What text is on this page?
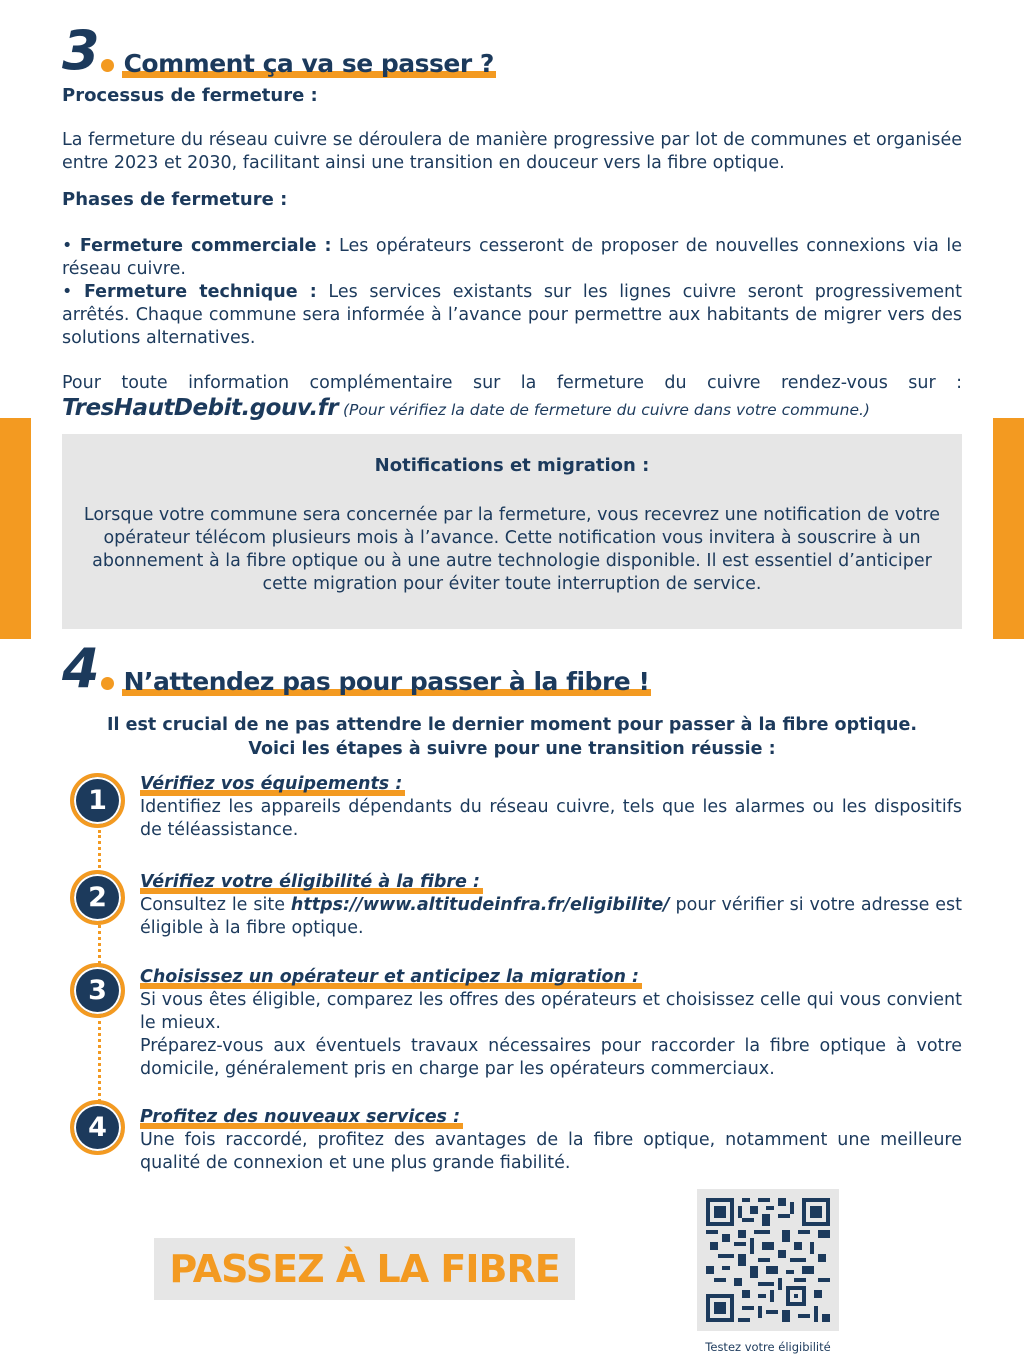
3 Comment ça va se passer ?
Processus de fermeture :

La fermeture du réseau cuivre se déroulera de manière progressive par lot de communes et organisée entre 2023 et 2030, facilitant ainsi une transition en douceur vers la fibre optique.

Phases de fermeture :

• Fermeture commerciale : Les opérateurs cesseront de proposer de nouvelles connexions via le réseau cuivre.

• Fermeture technique : Les services existants sur les lignes cuivre seront progressivement arrêtés. Chaque commune sera informée à l’avance pour permettre aux habitants de migrer vers des solutions alternatives.

Pour toute information complémentaire sur la fermeture du cuivre rendez-vous sur :

TresHautDebit.gouv.fr (Pour vérifiez la date de fermeture du cuivre dans votre commune.)
Notifications et migration :

Lorsque votre commune sera concernée par la fermeture, vous recevrez une notification de votre opérateur télécom plusieurs mois à l’avance. Cette notification vous invitera à souscrire à un abonnement à la fibre optique ou à une autre technologie disponible. Il est essentiel d’anticiper cette migration pour éviter toute interruption de service.

4 N’attendez pas pour passer à la fibre !
Il est crucial de ne pas attendre le dernier moment pour passer à la fibre optique.
Voici les étapes à suivre pour une transition réussie :
1
Vérifiez vos équipements :

Identifiez les appareils dépendants du réseau cuivre, tels que les alarmes ou les dispositifs de téléassistance.

2	Vérifiez votre éligibilité à la fibre :

Consultez le site https://www.altitudeinfra.fr/eligibilite/ pour vérifier si votre adresse est éligible à la fibre optique.

3	Choisissez un opérateur et anticipez la migration :

Si vous êtes éligible, comparez les offres des opérateurs et choisissez celle qui vous convient le mieux.

Préparez-vous aux éventuels travaux nécessaires pour raccorder la fibre optique à votre domicile, généralement pris en charge par les opérateurs commerciaux.

4	Profitez des nouveaux services :

Une fois raccordé, profitez des avantages de la fibre optique, notamment une meilleure qualité de connexion et une plus grande fiabilité.

PASSEZ À LA FIBRE
Testez votre éligibilité
